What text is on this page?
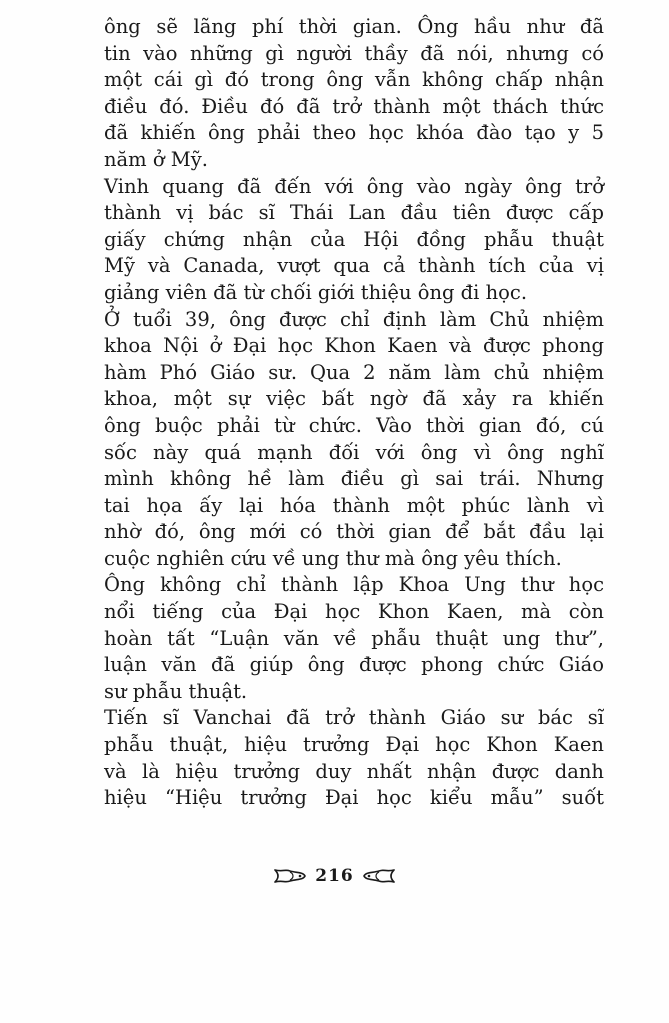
ông sẽ lãng phí thời gian. Ông hầu như đã
tin vào những gì người thầy đã nói, nhưng có
một cái gì đó trong ông vẫn không chấp nhận
điều đó. Điều đó đã trở thành một thách thức
đã khiến ông phải theo học khóa đào tạo y 5
năm ở Mỹ.
Vinh quang đã đến với ông vào ngày ông trở
thành vị bác sĩ Thái Lan đầu tiên được cấp
giấy chứng nhận của Hội đồng phẫu thuật
Mỹ và Canada, vượt qua cả thành tích của vị
giảng viên đã từ chối giới thiệu ông đi học.
Ở tuổi 39, ông được chỉ định làm Chủ nhiệm
khoa Nội ở Đại học Khon Kaen và được phong
hàm Phó Giáo sư. Qua 2 năm làm chủ nhiệm
khoa, một sự việc bất ngờ đã xảy ra khiến
ông buộc phải từ chức. Vào thời gian đó, cú
sốc này quá mạnh đối với ông vì ông nghĩ
mình không hề làm điều gì sai trái. Nhưng
tai họa ấy lại hóa thành một phúc lành vì
nhờ đó, ông mới có thời gian để bắt đầu lại
cuộc nghiên cứu về ung thư mà ông yêu thích.
Ông không chỉ thành lập Khoa Ung thư học
nổi tiếng của Đại học Khon Kaen, mà còn
hoàn tất “Luận văn về phẫu thuật ung thư”,
luận văn đã giúp ông được phong chức Giáo
sư phẫu thuật.
Tiến sĩ Vanchai đã trở thành Giáo sư bác sĩ
phẫu thuật, hiệu trưởng Đại học Khon Kaen
và là hiệu trưởng duy nhất nhận được danh
hiệu “Hiệu trưởng Đại học kiểu mẫu” suốt
216
